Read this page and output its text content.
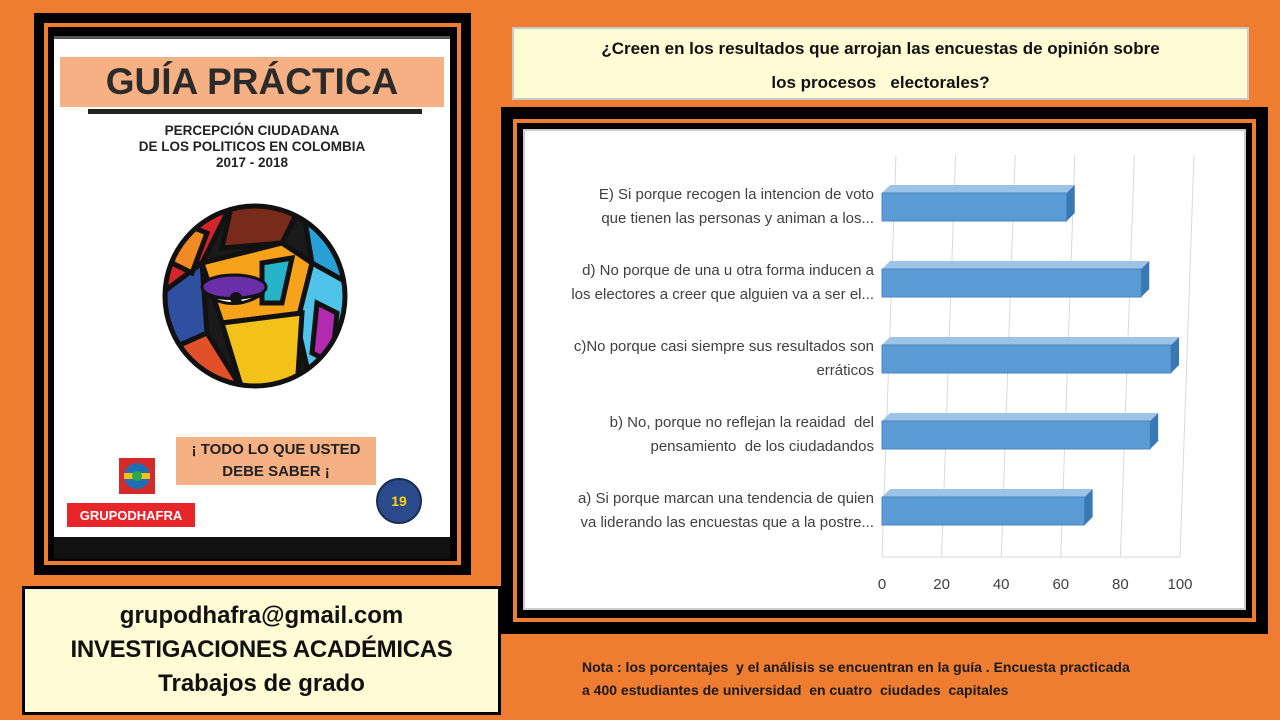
GUÍA PRÁCTICA
PERCEPCIÓN CIUDADANA
DE LOS POLITICOS EN COLOMBIA
2017 - 2018
¡ TODO LO QUE USTED
DEBE SABER ¡
19
GRUPODHAFRA
grupodhafra@gmail.com
INVESTIGACIONES ACADÉMICAS
Trabajos de grado
¿Creen en los resultados que arrojan las encuestas de opinión sobre
los procesos   electorales?
E) Si porque recogen la intencion de voto
que tienen las personas y animan a los...
d) No porque de una u otra forma inducen a
los electores a creer que alguien va a ser el...
c)No porque casi siempre sus resultados son
erráticos
b) No, porque no reflejan la reaidad  del
pensamiento  de los ciudadandos
a) Si porque marcan una tendencia de quien
va liderando las encuestas que a la postre...
0	20	40	60	80	100
Nota : los porcentajes  y el análisis se encuentran en la guía . Encuesta practicada
a 400 estudiantes de universidad  en cuatro  ciudades  capitales
